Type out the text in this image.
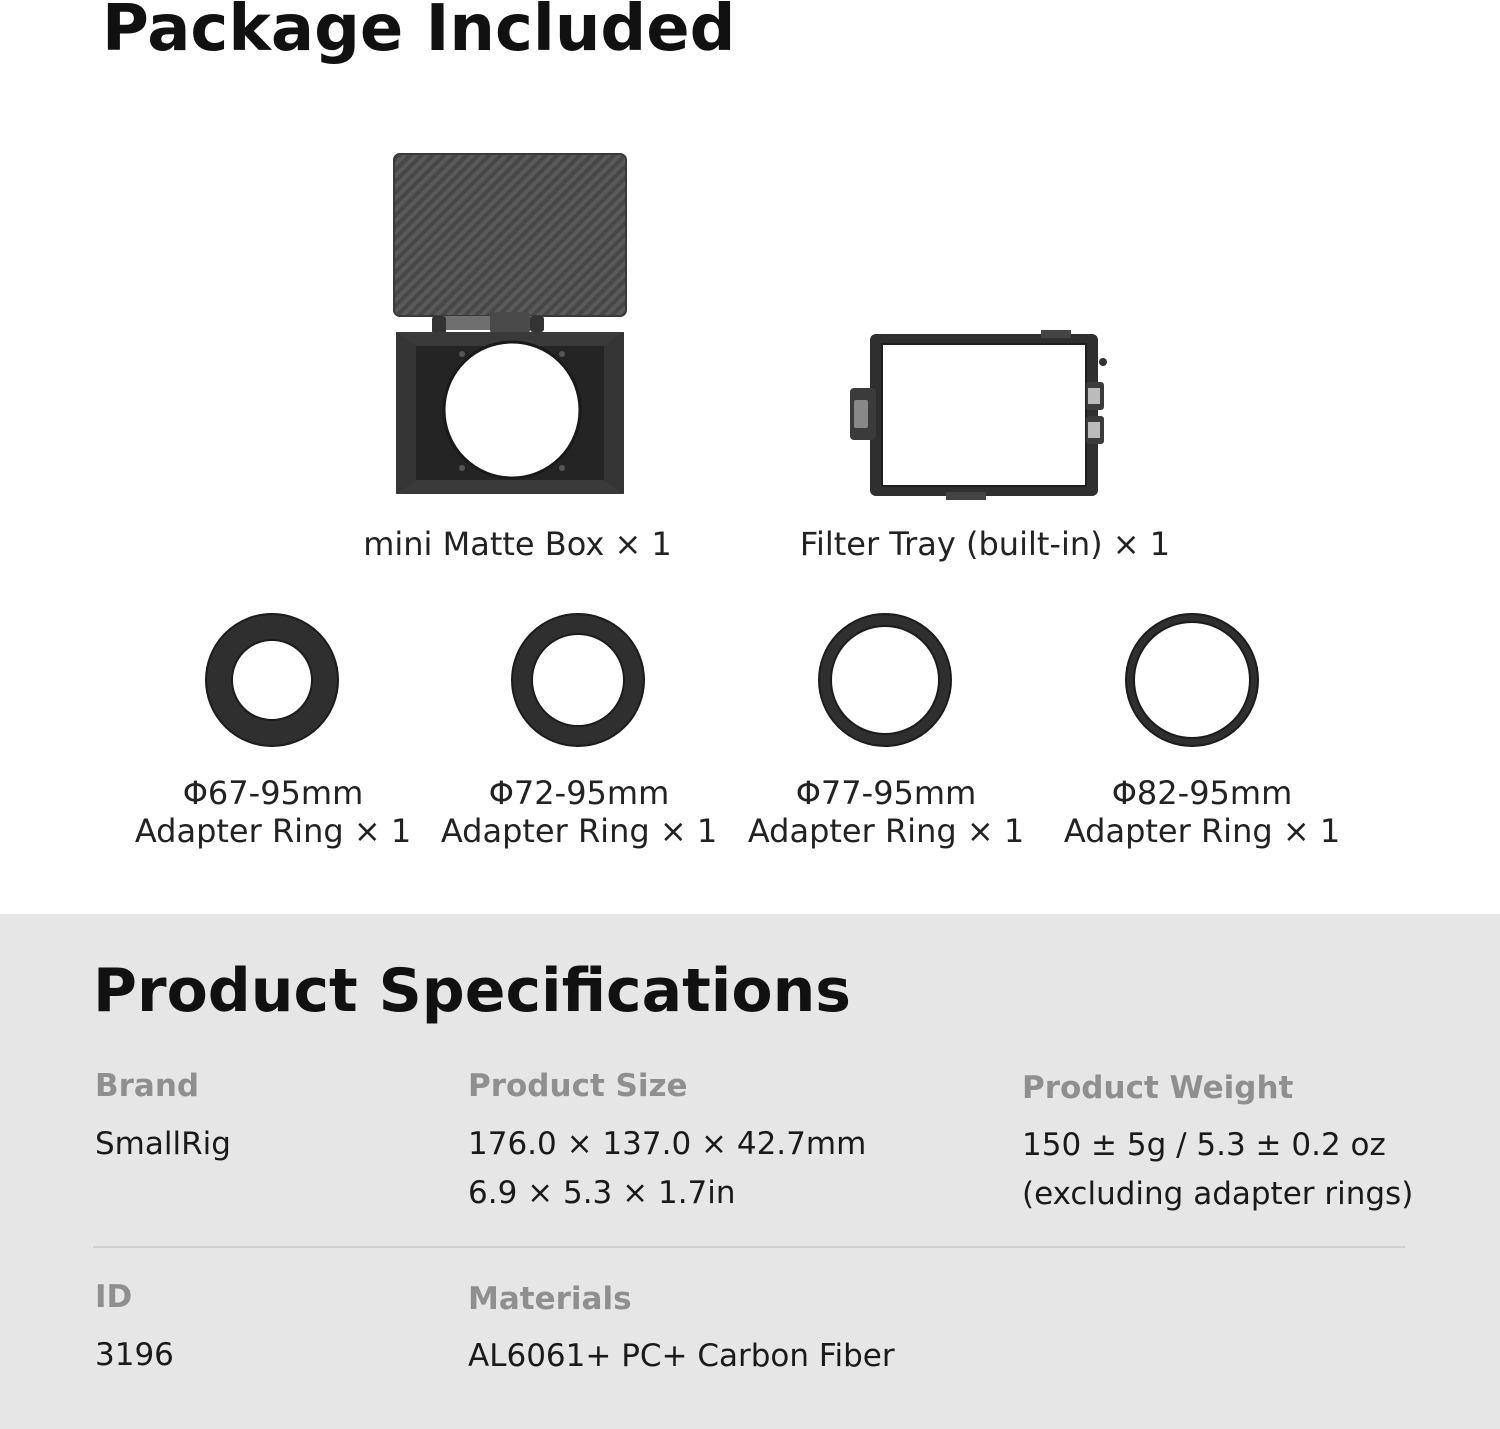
Package Included
mini Matte Box × 1	Filter Tray (built-in) × 1
Φ67-95mm
Adapter Ring × 1
Φ72-95mm
Adapter Ring × 1
Φ77-95mm
Adapter Ring × 1
Φ82-95mm
Adapter Ring × 1
Product Specifications
Brand
SmallRig
Product Size
176.0 × 137.0 × 42.7mm
6.9 × 5.3 × 1.7in
Product Weight
150 ± 5g / 5.3 ± 0.2 oz
(excluding adapter rings)
ID
3196
Materials
AL6061+ PC+ Carbon Fiber
